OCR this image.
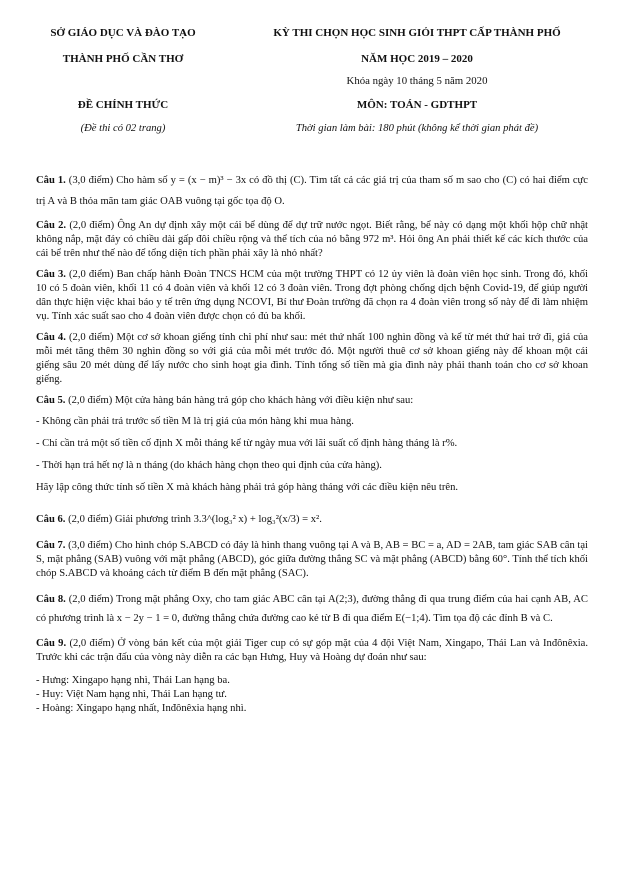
SỞ GIÁO DỤC VÀ ĐÀO TẠO
THÀNH PHỐ CẦN THƠ
ĐỀ CHÍNH THỨC
(Đề thi có 02 trang)
KỲ THI CHỌN HỌC SINH GIỎI THPT CẤP THÀNH PHỐ
NĂM HỌC 2019 – 2020
Khóa ngày 10 tháng 5 năm 2020
MÔN: TOÁN - GDTHPT
Thời gian làm bài: 180 phút (không kể thời gian phát đề)

Câu 1. (3,0 điểm) Cho hàm số y = (x − m)³ − 3x có đồ thị (C). Tìm tất cả các giá trị của tham số m sao cho (C) có hai điểm cực trị A và B thỏa mãn tam giác OAB vuông tại gốc tọa độ O.

Câu 2. (2,0 điểm) Ông An dự định xây một cái bể dùng để dự trữ nước ngọt. Biết rằng, bể này có dạng một khối hộp chữ nhật không nắp, mặt đáy có chiều dài gấp đôi chiều rộng và thể tích của nó bằng 972 m³. Hỏi ông An phải thiết kế các kích thước của cái bể trên như thế nào để tổng diện tích phần phải xây là nhỏ nhất?

Câu 3. (2,0 điểm) Ban chấp hành Đoàn TNCS HCM của một trường THPT có 12 ủy viên là đoàn viên học sinh. Trong đó, khối 10 có 5 đoàn viên, khối 11 có 4 đoàn viên và khối 12 có 3 đoàn viên. Trong đợt phòng chống dịch bệnh Covid-19, để giúp người dân thực hiện việc khai báo y tế trên ứng dụng NCOVI, Bí thư Đoàn trường đã chọn ra 4 đoàn viên trong số này để đi làm nhiệm vụ. Tính xác suất sao cho 4 đoàn viên được chọn có đủ ba khối.

Câu 4. (2,0 điểm) Một cơ sở khoan giếng tính chi phí như sau: mét thứ nhất 100 nghìn đồng và kể từ mét thứ hai trở đi, giá của mỗi mét tăng thêm 30 nghìn đồng so với giá của mỗi mét trước đó. Một người thuê cơ sở khoan giếng này để khoan một cái giếng sâu 20 mét dùng để lấy nước cho sinh hoạt gia đình. Tính tổng số tiền mà gia đình này phải thanh toán cho cơ sở khoan giếng.

Câu 5. (2,0 điểm) Một cửa hàng bán hàng trả góp cho khách hàng với điều kiện như sau:

- Không cần phải trả trước số tiền M là trị giá của món hàng khi mua hàng.

- Chỉ cần trả một số tiền cố định X mỗi tháng kể từ ngày mua với lãi suất cố định hàng tháng là r%.

- Thời hạn trả hết nợ là n tháng (do khách hàng chọn theo qui định của cửa hàng).

Hãy lập công thức tính số tiền X mà khách hàng phải trả góp hàng tháng với các điều kiện nêu trên.

Câu 6. (2,0 điểm) Giải phương trình 3.3^(log₃² x) + log₃²(x/3) = x².

Câu 7. (3,0 điểm) Cho hình chóp S.ABCD có đáy là hình thang vuông tại A và B, AB = BC = a, AD = 2AB, tam giác SAB cân tại S, mặt phẳng (SAB) vuông với mặt phẳng (ABCD), góc giữa đường thẳng SC và mặt phẳng (ABCD) bằng 60°. Tính thể tích khối chóp S.ABCD và khoảng cách từ điểm B đến mặt phẳng (SAC).

Câu 8. (2,0 điểm) Trong mặt phẳng Oxy, cho tam giác ABC cân tại A(2;3), đường thẳng đi qua trung điểm của hai cạnh AB, AC có phương trình là x − 2y − 1 = 0, đường thẳng chứa đường cao kẻ từ B đi qua điểm E(−1;4). Tìm tọa độ các đỉnh B và C.

Câu 9. (2,0 điểm) Ở vòng bán kết của một giải Tiger cup có sự góp mặt của 4 đội Việt Nam, Xingapo, Thái Lan và Inđônêxia. Trước khi các trận đấu của vòng này diễn ra các bạn Hưng, Huy và Hoàng dự đoán như sau:

- Hưng: Xingapo hạng nhì, Thái Lan hạng ba.

- Huy: Việt Nam hạng nhì, Thái Lan hạng tư.

- Hoàng: Xingapo hạng nhất, Inđônêxia hạng nhì.
